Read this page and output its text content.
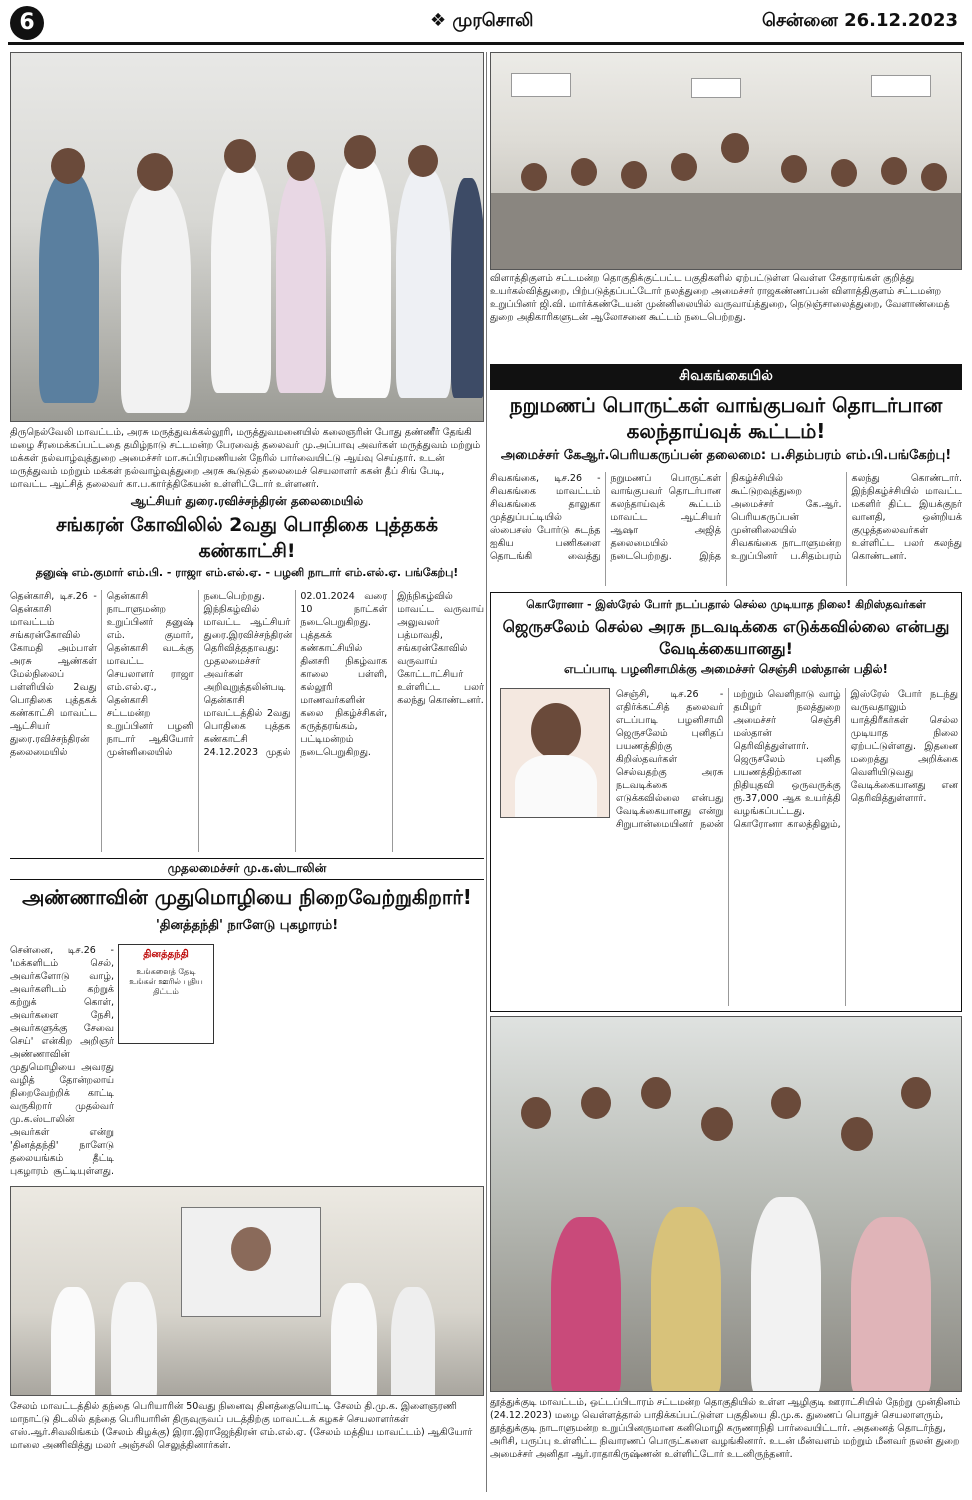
6	❖ முரசொலி	சென்னை 26.12.2023
திருநெல்வேலி மாவட்டம், அரசு மருத்துவக்கல்லூரி, மருத்துவமனையில் கலைஞரின் போது தண்ணீர் தேங்கி மழை சீரமைக்கப்பட்டதை தமிழ்நாடு சட்டமன்ற பேரவைத் தலைவர் மு.அப்பாவு அவர்கள் மருத்துவம் மற்றும் மக்கள் நல்வாழ்வுத்துறை அமைச்சர் மா.சுப்பிரமணியன் நேரில் பார்வையிட்டு ஆய்வு செய்தார். உடன் மருத்துவம் மற்றும் மக்கள் நல்வாழ்வுத்துறை அரசு கூடுதல் தலைமைச் செயலாளர் ககன் தீப் சிங் பேடி, மாவட்ட ஆட்சித் தலைவர் கா.ப.கார்த்திகேயன் உள்ளிட்டோர் உள்ளனர்.
விளாத்திகுளம் சட்டமன்ற தொகுதிக்குட்பட்ட பகுதிகளில் ஏற்பட்டுள்ள வெள்ள சேதாரங்கள் குறித்து உயர்கல்வித்துறை, பிற்படுத்தப்பட்டோர் நலத்துறை அமைச்சர் ராஜகண்ணப்பன் விளாத்திகுளம் சட்டமன்ற உறுப்பினர் ஜி.வி. மார்க்கண்டேயன் முன்னிலையில் வருவாய்த்துறை, நெடுஞ்சாலைத்துறை, வேளாண்மைத் துறை அதிகாரிகளுடன் ஆலோசனை கூட்டம் நடைபெற்றது.
சிவகங்கையில்
நறுமணப் பொருட்கள் வாங்குபவர் தொடர்பான கலந்தாய்வுக் கூட்டம்!
அமைச்சர் கேஆர்.பெரியகருப்பன் தலைமை: ப.சிதம்பரம் எம்.பி.பங்கேற்பு!
சிவகங்கை, டிச.26 - சிவகங்கை மாவட்டம் சிவகங்கை தாலுகா முத்துப்பட்டியில் ஸ்பைசஸ் போர்டு சுடந்த ஐகிய பணிகளை தொடங்கி வைத்து நறுமணப் பொருட்கள் வாங்குபவர் தொடர்பான கலந்தாய்வுக் கூட்டம் மாவட்ட ஆட்சியர் ஆஷா அஜித் தலைமையில் நடைபெற்றது. இந்த நிகழ்ச்சியில் கூட்டுறவுத்துறை அமைச்சர் கே.ஆர். பெரியகருப்பன் முன்னிலையில் சிவகங்கை நாடாளுமன்ற உறுப்பினர் ப.சிதம்பரம் கலந்து கொண்டார். இந்நிகழ்ச்சியில் மாவட்ட மகளிர் திட்ட இயக்குநர் வானதி, ஒன்றியக் குழுத்தலைவர்கள் உள்ளிட்ட பலர் கலந்து கொண்டனர்.
ஆட்சியர் துரை.ரவிச்சந்திரன் தலைமையில்
சங்கரன் கோவிலில் 2வது பொதிகை புத்தகக் கண்காட்சி!
தனுஷ் எம்.குமார் எம்.பி. - ராஜா எம்.எல்.ஏ. - பழனி நாடார் எம்.எல்.ஏ. பங்கேற்பு!
தென்காசி, டிச.26 - தென்காசி மாவட்டம் சங்கரன்கோவில் கோமதி அம்பாள் அரசு ஆண்கள் மேல்நிலைப் பள்ளியில் 2வது பொதிகை புத்தகக் கண்காட்சி மாவட்ட ஆட்சியர் துரை.ரவிச்சந்திரன் தலைமையில் தென்காசி நாடாளுமன்ற உறுப்பினர் தனுஷ் எம். குமார், தென்காசி வடக்கு மாவட்ட செயலாளர் ராஜா எம்.எல்.ஏ., தென்காசி சட்டமன்ற உறுப்பினர் பழனி நாடார் ஆகியோர் முன்னிலையில் நடைபெற்றது. இந்நிகழ்வில் மாவட்ட ஆட்சியர் துரை.இரவிச்சந்திரன் தெரிவித்ததாவது: முதலமைச்சர் அவர்கள் அறிவுறுத்தலின்படி தென்காசி மாவட்டத்தில் 2வது பொதிகை புத்தக கண்காட்சி 24.12.2023 முதல் 02.01.2024 வரை 10 நாட்கள் நடைபெறுகிறது. புத்தகக் கண்காட்சியில் தினசரி நிகழ்வாக காலை பள்ளி, கல்லூரி மாணவர்களின் கலை நிகழ்ச்சிகள், கருத்தரங்கம், பட்டிமன்றம் நடைபெறுகிறது. இந்நிகழ்வில் மாவட்ட வருவாய் அலுவலர் பத்மாவதி, சங்கரன்கோவில் வருவாய் கோட்டாட்சியர் உள்ளிட்ட பலர் கலந்து கொண்டனர்.
கொரோனா - இஸ்ரேல் போர் நடப்பதால் செல்ல முடியாத நிலை! கிறிஸ்தவர்கள்
ஜெருசலேம் செல்ல அரசு நடவடிக்கை எடுக்கவில்லை என்பது வேடிக்கையானது!
எடப்பாடி பழனிசாமிக்கு அமைச்சர் செஞ்சி மஸ்தான் பதில்!
செஞ்சி, டிச.26 - எதிர்க்கட்சித் தலைவர் எடப்பாடி பழனிசாமி ஜெருசலேம் புனிதப் பயணத்திற்கு கிறிஸ்தவர்கள் செல்வதற்கு அரசு நடவடிக்கை எடுக்கவில்லை என்பது வேடிக்கையானது என்று சிறுபான்மையினர் நலன் மற்றும் வெளிநாடு வாழ் தமிழர் நலத்துறை அமைச்சர் செஞ்சி மஸ்தான் தெரிவித்துள்ளார். ஜெருசலேம் புனித பயணத்திற்கான நிதியுதவி ஒருவருக்கு ரூ.37,000 ஆக உயர்த்தி வழங்கப்பட்டது. கொரோனா காலத்திலும், இஸ்ரேல் போர் நடந்து வருவதாலும் யாத்திரீகர்கள் செல்ல முடியாத நிலை ஏற்பட்டுள்ளது. இதனை மறைத்து அறிக்கை வெளியிடுவது வேடிக்கையானது என தெரிவித்துள்ளார்.
முதலமைச்சர் மு.க.ஸ்டாலின்
அண்ணாவின் முதுமொழியை நிறைவேற்றுகிறார்!
'தினத்தந்தி' நாளேடு புகழாரம்!
தினத்தந்தி
உங்களைத் தேடி உங்கள் ஊரில் புதிய திட்டம்
சென்னை, டிச.26 - 'மக்களிடம் செல், அவர்களோடு வாழ், அவர்களிடம் கற்றுக் கற்றுக் கொள், அவர்களை நேசி, அவர்களுக்கு சேவை செய்' என்கிற அறிஞர் அண்ணாவின் முதுமொழியை அவரது வழித் தோன்றலாய் நிறைவேற்றிக் காட்டி வருகிறார் முதல்வர் மு.க.ஸ்டாலின் அவர்கள் என்று 'தினத்தந்தி' நாளேடு தலையங்கம் தீட்டி புகழாரம் சூட்டியுள்ளது.
சேலம் மாவட்டத்தில் தந்தை பெரியாரின் 50வது நினைவு தினத்தையொட்டி சேலம் தி.மு.க. இளைஞரணி மாநாட்டு திடலில் தந்தை பெரியாரின் திருவுருவப் படத்திற்கு மாவட்டக் கழகச் செயலாளர்கள் எஸ்.ஆர்.சிவலிங்கம் (சேலம் கிழக்கு) இரா.இராஜேந்திரன் எம்.எல்.ஏ. (சேலம் மத்திய மாவட்டம்) ஆகியோர் மாலை அணிவித்து மலர் அஞ்சலி செலுத்தினார்கள்.
தூத்துக்குடி மாவட்டம், ஒட்டப்பிடாரம் சட்டமன்ற தொகுதியில் உள்ள ஆழிகுடி ஊராட்சியில் நேற்று முன்தினம் (24.12.2023) மழை வெள்ளத்தால் பாதிக்கப்பட்டுள்ள பகுதியை தி.மு.க. துணைப் பொதுச் செயலாளரும், தூத்துக்குடி நாடாளுமன்ற உறுப்பினருமான கனிமொழி கருணாநிதி பார்வையிட்டார். அதனைத் தொடர்ந்து, அரிசி, பருப்பு உள்ளிட்ட நிவாரணப் பொருட்களை வழங்கினார். உடன் மீன்வளம் மற்றும் மீனவர் நலன் துறை அமைச்சர் அனிதா ஆர்.ராதாகிருஷ்ணன் உள்ளிட்டோர் உடனிருந்தனர்.
